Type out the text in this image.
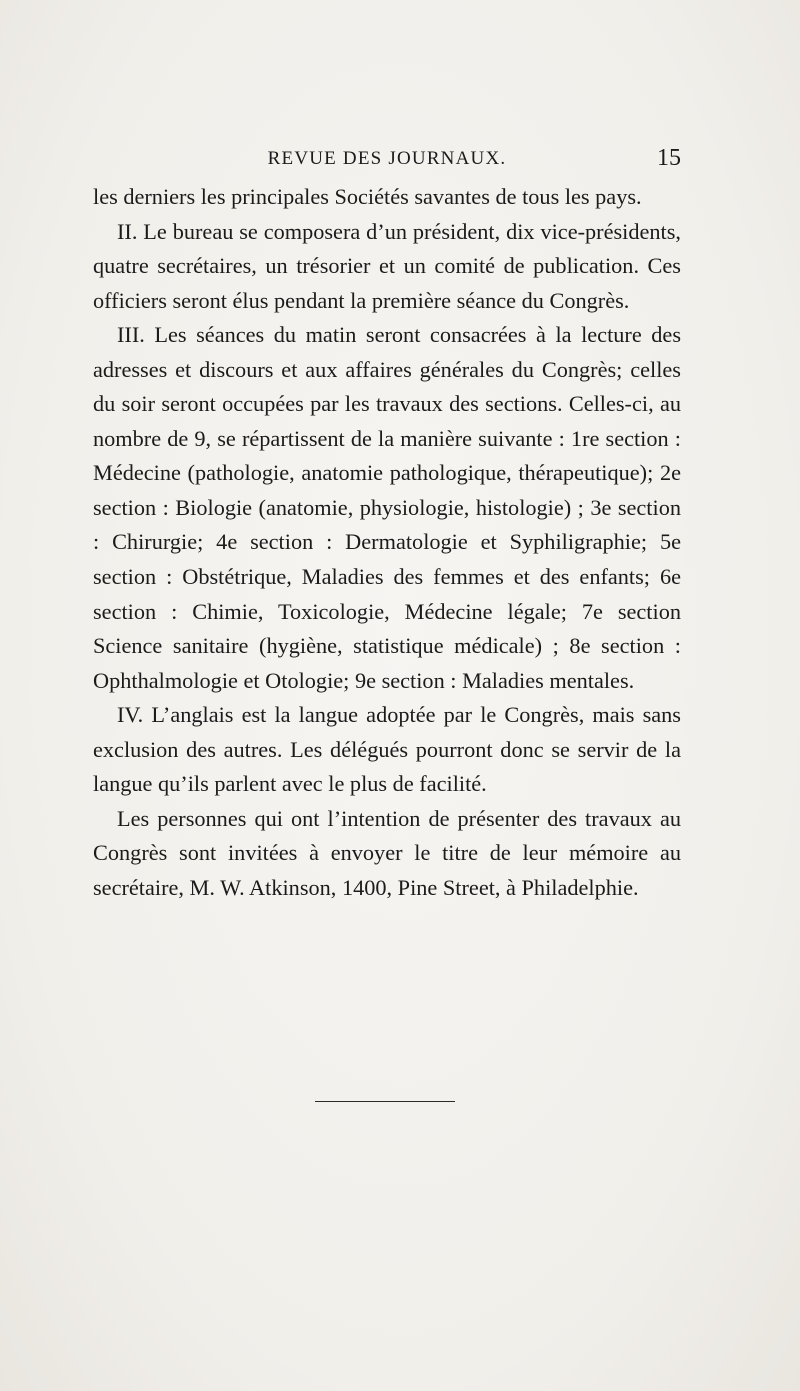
REVUE DES JOURNAUX.	15

les derniers les principales Sociétés savantes de tous les pays.

II. Le bureau se composera d’un président, dix vice-présidents, quatre secrétaires, un trésorier et un comité de publication. Ces officiers seront élus pendant la première séance du Congrès.

III. Les séances du matin seront consacrées à la lecture des adresses et discours et aux affaires générales du Congrès; celles du soir seront occupées par les travaux des sections. Celles-ci, au nombre de 9, se répartissent de la manière suivante : 1re section : Médecine (pathologie, anatomie pathologique, thérapeutique); 2e section : Biologie (anatomie, physiologie, histologie) ; 3e section : Chirurgie; 4e section : Dermatologie et Syphiligraphie; 5e section : Obstétrique, Maladies des femmes et des enfants; 6e section : Chimie, Toxicologie, Médecine légale; 7e section Science sanitaire (hygiène, statistique médicale) ; 8e section : Ophthalmologie et Otologie; 9e section : Maladies mentales.

IV. L’anglais est la langue adoptée par le Congrès, mais sans exclusion des autres. Les délégués pourront donc se servir de la langue qu’ils parlent avec le plus de facilité.

Les personnes qui ont l’intention de présenter des travaux au Congrès sont invitées à envoyer le titre de leur mémoire au secrétaire, M. W. Atkinson, 1400, Pine Street, à Philadelphie.
